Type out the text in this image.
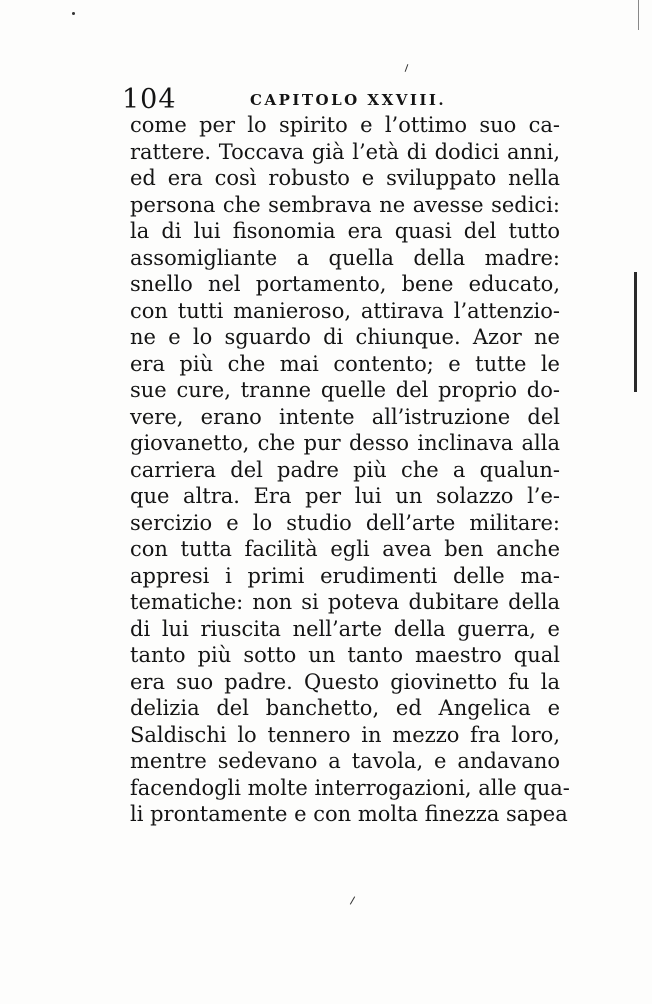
104	CAPITOLO XXVIII.
come per lo spirito e l’ottimo suo ca-
rattere. Toccava già l’età di dodici anni,
ed era così robusto e sviluppato nella
persona che sembrava ne avesse sedici:
la di lui fisonomia era quasi del tutto
assomigliante a quella della madre:
snello nel portamento, bene educato,
con tutti manieroso, attirava l’attenzio-
ne e lo sguardo di chiunque. Azor ne
era più che mai contento; e tutte le
sue cure, tranne quelle del proprio do-
vere, erano intente all’istruzione del
giovanetto, che pur desso inclinava alla
carriera del padre più che a qualun-
que altra. Era per lui un solazzo l’e-
sercizio e lo studio dell’arte militare:
con tutta facilità egli avea ben anche
appresi i primi erudimenti delle ma-
tematiche: non si poteva dubitare della
di lui riuscita nell’arte della guerra, e
tanto più sotto un tanto maestro qual
era suo padre. Questo giovinetto fu la
delizia del banchetto, ed Angelica e
Saldischi lo tennero in mezzo fra loro,
mentre sedevano a tavola, e andavano
facendogli molte interrogazioni, alle qua-
li prontamente e con molta finezza sapea
